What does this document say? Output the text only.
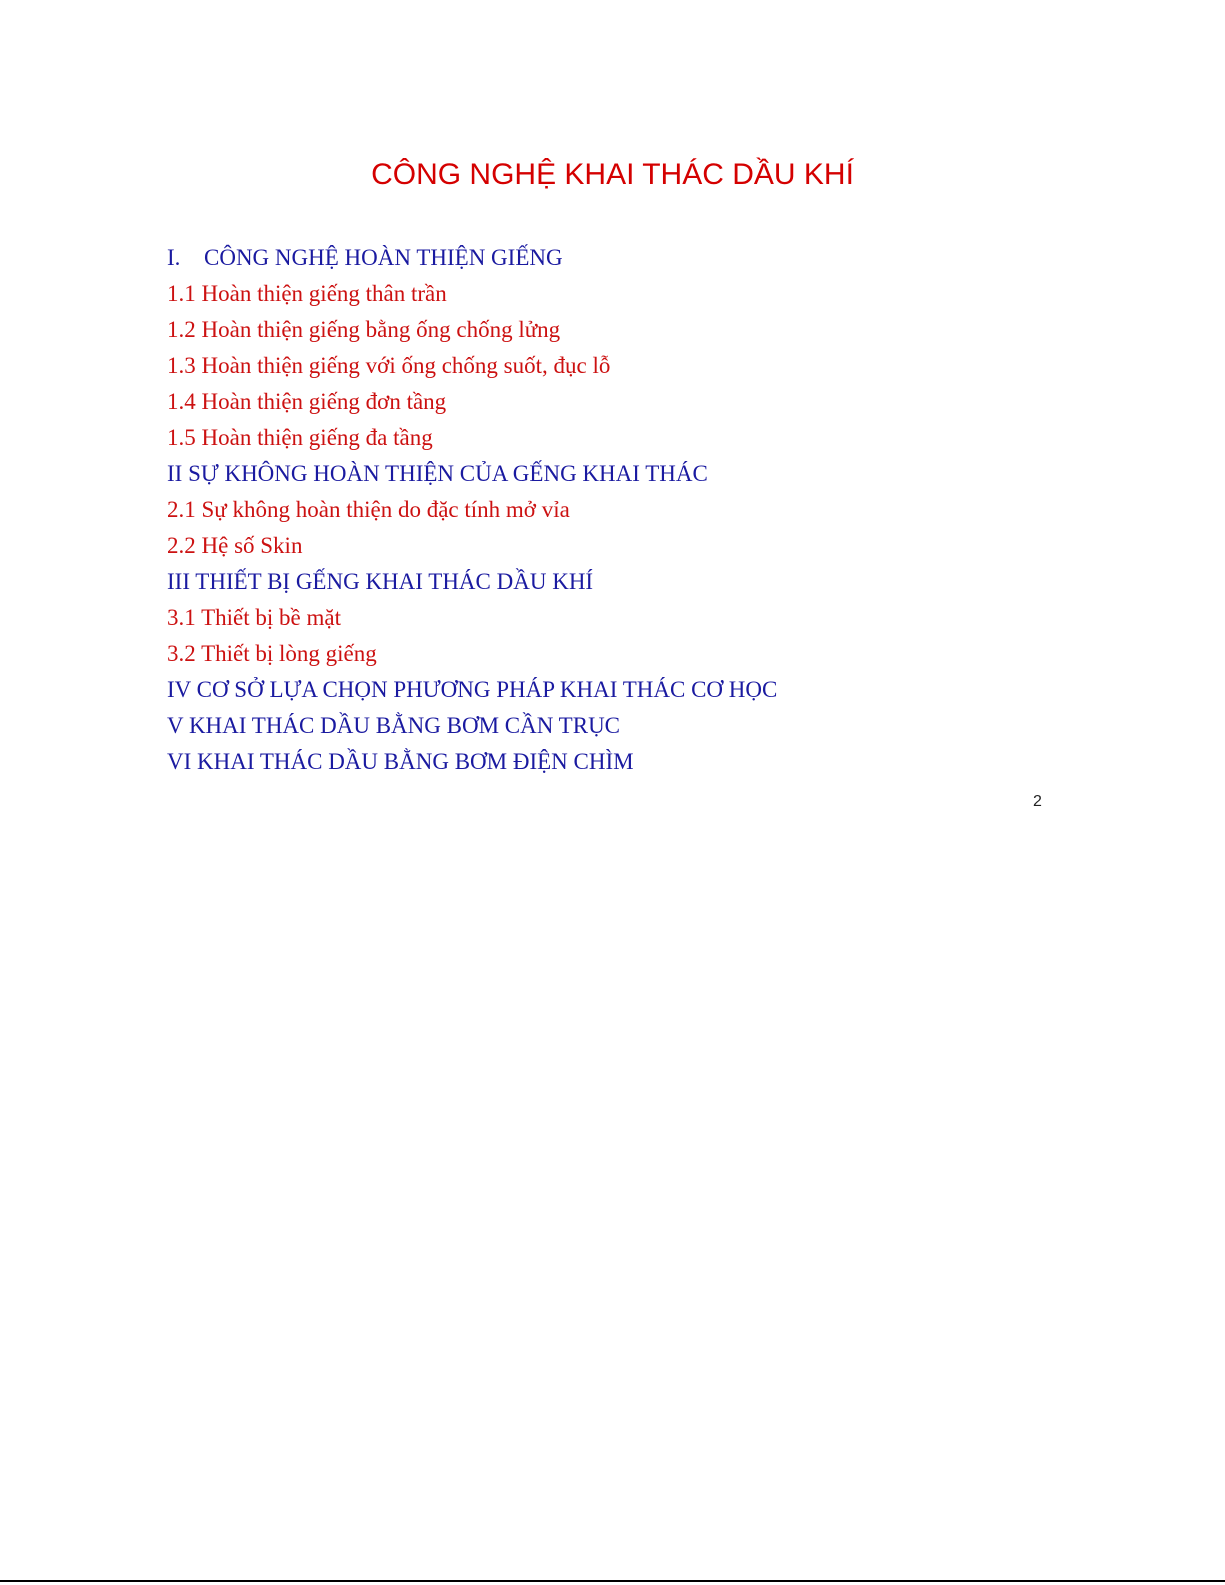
CÔNG NGHỆ KHAI THÁC DẦU KHÍ
I. CÔNG NGHỆ HOÀN THIỆN GIẾNG
1.1 Hoàn thiện giếng thân trần
1.2 Hoàn thiện giếng bằng ống chống lửng
1.3 Hoàn thiện giếng với ống chống suốt, đục lỗ
1.4 Hoàn thiện giếng đơn tầng
1.5 Hoàn thiện giếng đa tầng
II SỰ KHÔNG HOÀN THIỆN CỦA GẾNG KHAI THÁC
2.1 Sự không hoàn thiện do đặc tính mở vỉa
2.2 Hệ số Skin
III THIẾT BỊ GẾNG KHAI THÁC DẦU KHÍ
3.1 Thiết bị bề mặt
3.2 Thiết bị lòng giếng
IV CƠ SỞ LỰA CHỌN PHƯƠNG PHÁP KHAI THÁC CƠ HỌC
V KHAI THÁC DẦU BẰNG BƠM CẦN TRỤC
VI KHAI THÁC DẦU BẰNG BƠM ĐIỆN CHÌM
2
